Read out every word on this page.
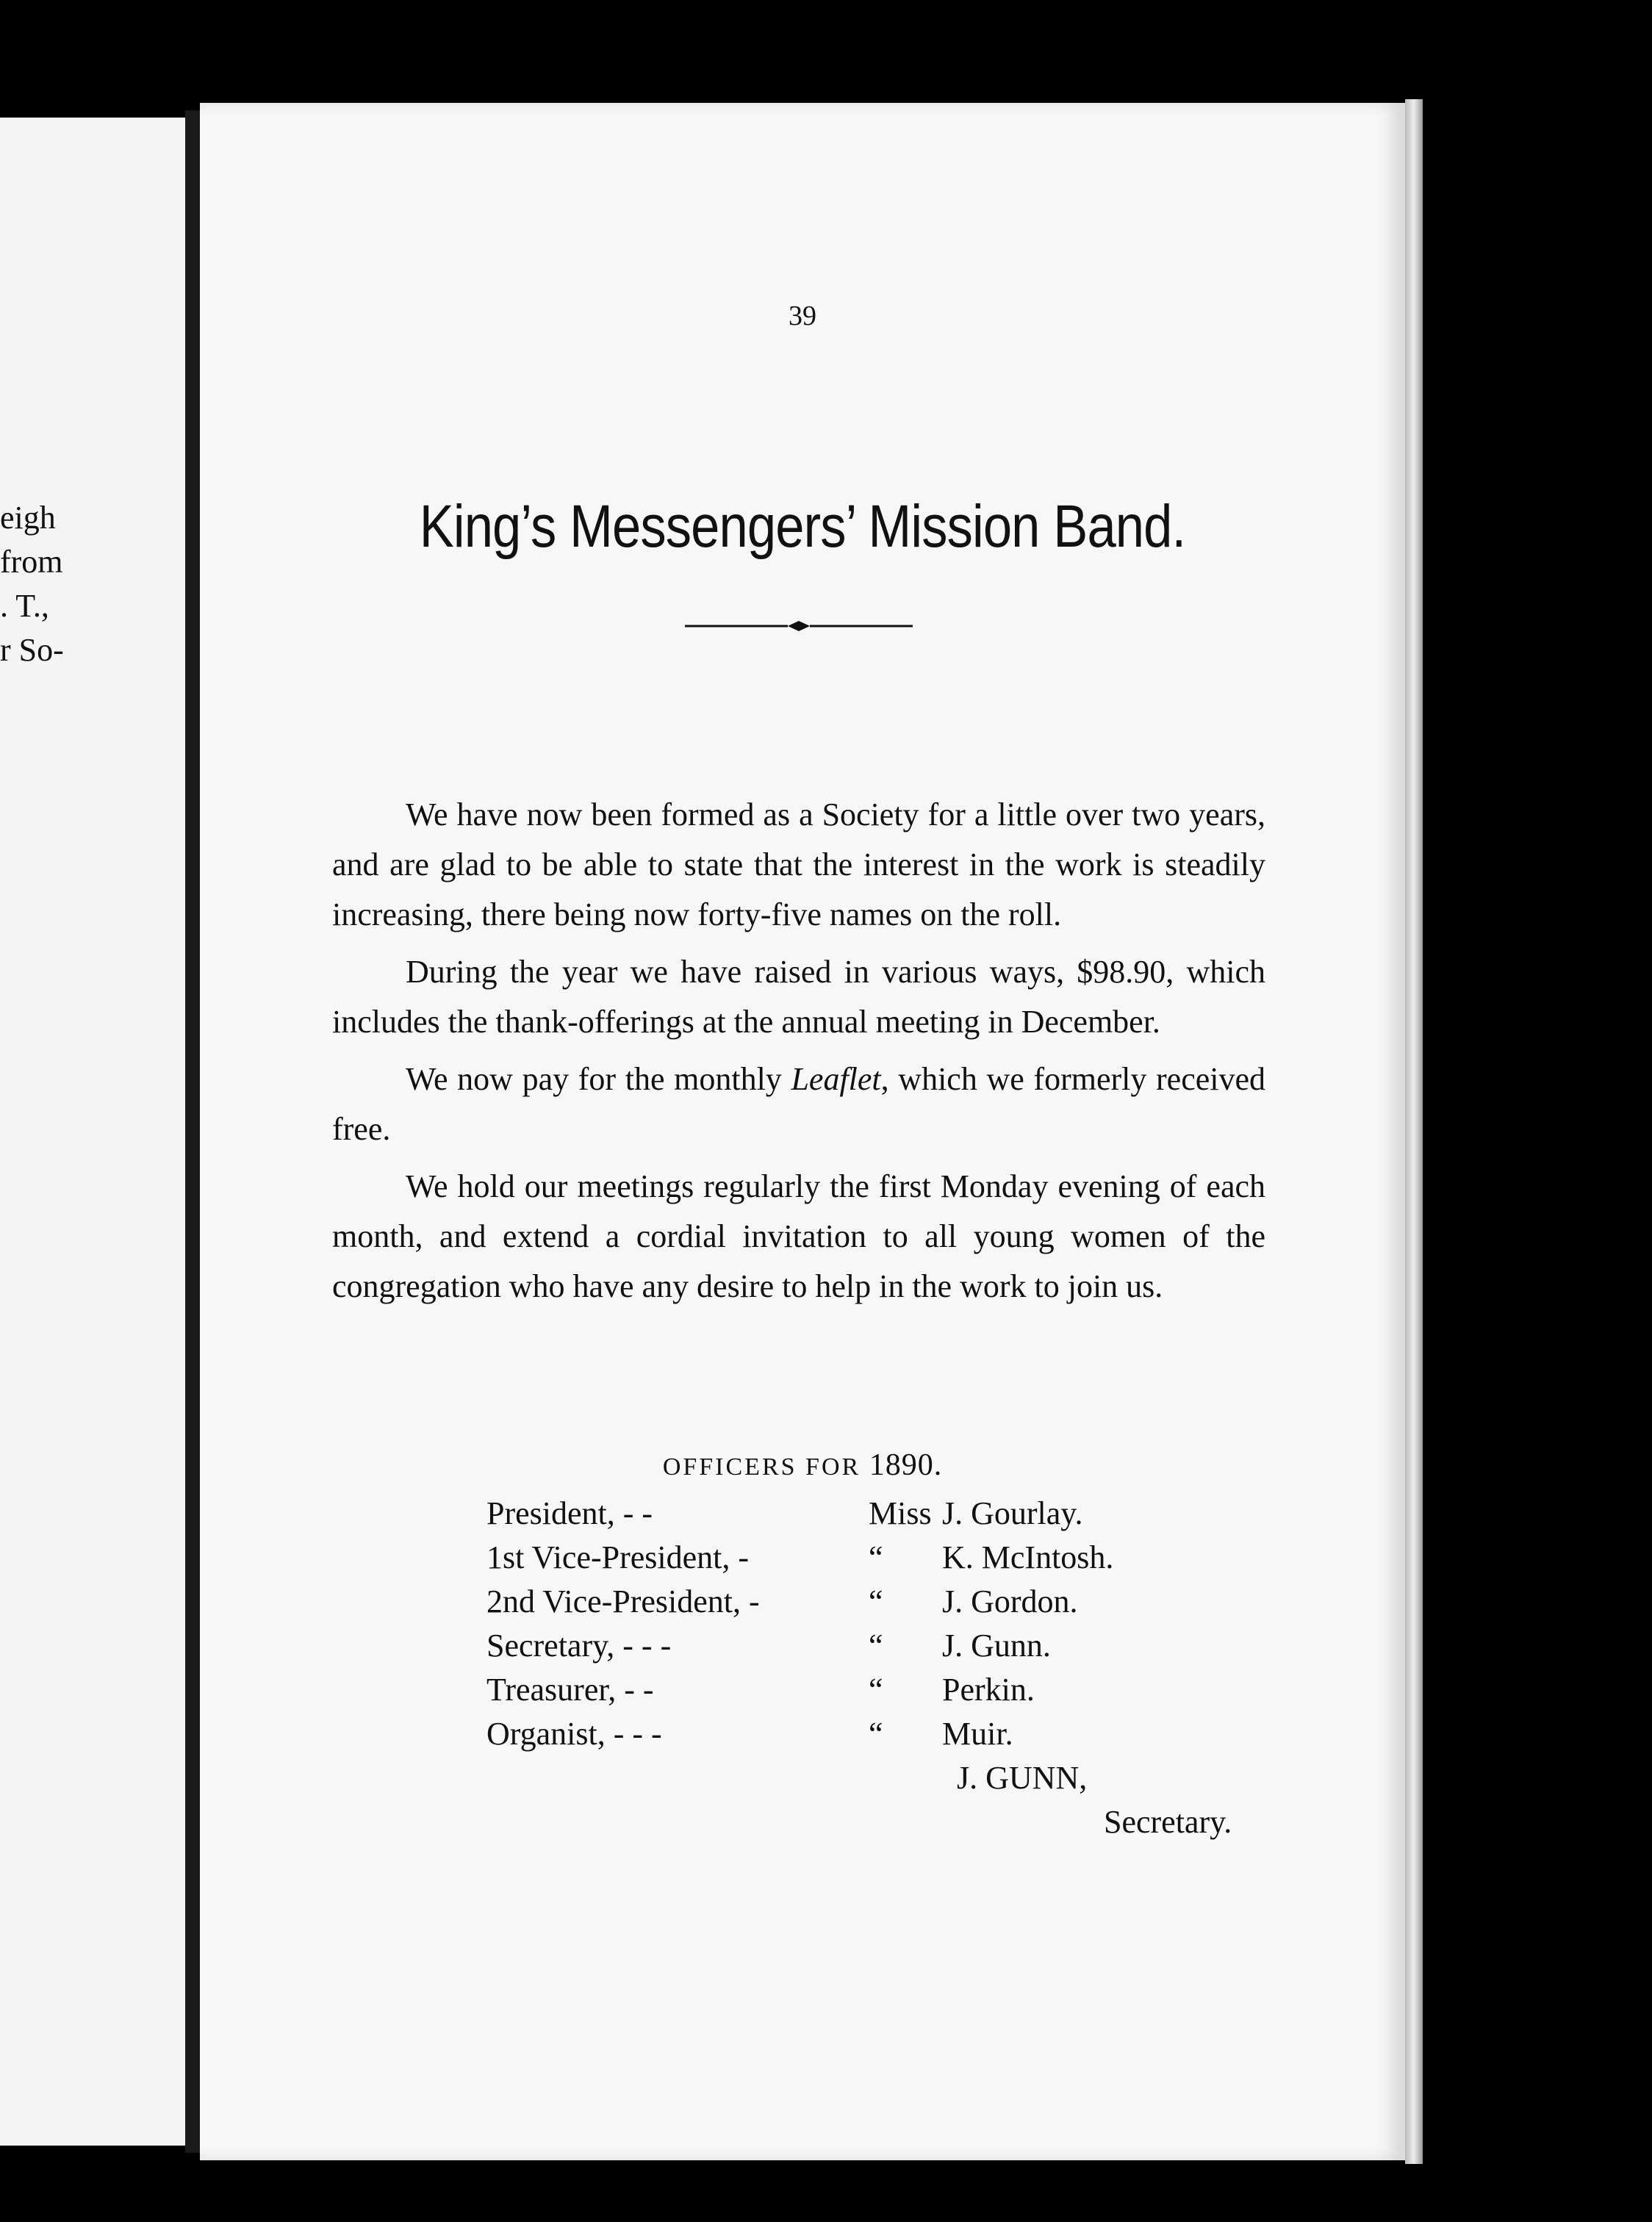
eigh
from
. T.,
r So-
39
King’s Messengers’ Mission Band.

We have now been formed as a Society for a little over two years, and are glad to be able to state that the interest in the work is steadily increasing, there being now forty-five names on the roll.

During the year we have raised in various ways, $98.90, which includes the thank-offerings at the annual meeting in December.

We now pay for the monthly Leaflet, which we formerly received free.

We hold our meetings regularly the first Monday evening of each month, and extend a cordial invitation to all young women of the congregation who have any desire to help in the work to join us.

OFFICERS FOR 1890.
President, - -	Miss J. Gourlay.
1st Vice-President, -	“	K. McIntosh.
2nd Vice-President, -	“	J. Gordon.
Secretary, - - -	“	J. Gunn.
Treasurer, - -	“	Perkin.
Organist, - - -	“	Muir.
J. GUNN,
Secretary.
